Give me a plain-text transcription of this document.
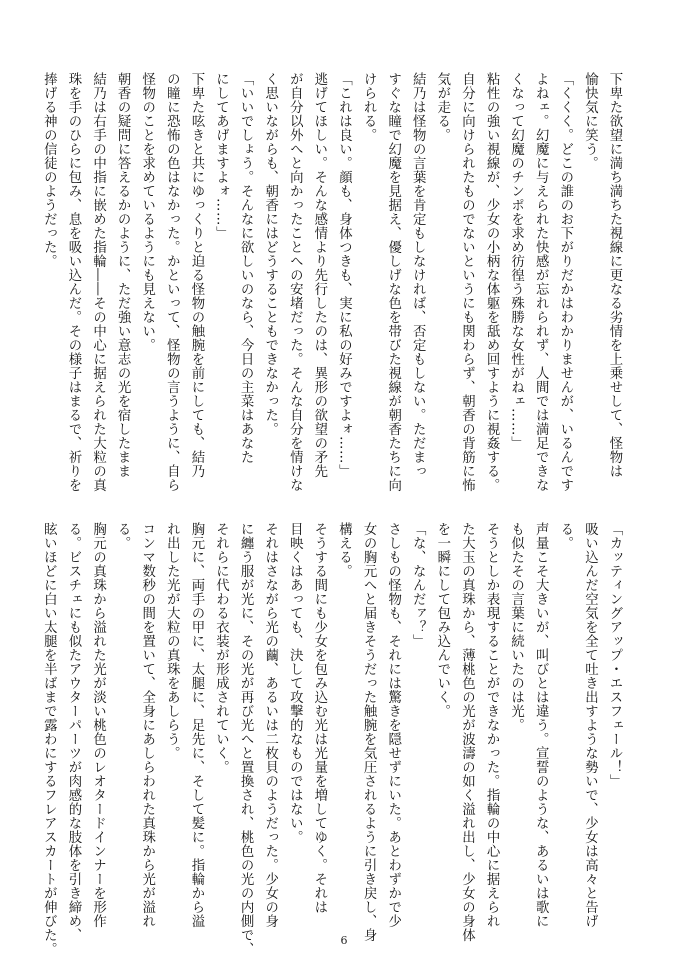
下卑た欲望に満ち満ちた視線に更なる劣情を上乗せして、怪物は
愉快気に笑う。
「くくく。どこの誰のお下がりだかはわかりませんが、いるんです
よねェ。幻魔に与えられた快感が忘れられず、人間では満足できな
くなって幻魔のチンポを求め彷徨う殊勝な女性がねェ……」
粘性の強い視線が、少女の小柄な体躯を舐め回すように視姦する。
自分に向けられたものでないというにも関わらず、朝香の背筋に怖
気が走る。
結乃は怪物の言葉を肯定もしなければ、否定もしない。ただまっ
すぐな瞳で幻魔を見据え、優しげな色を帯びた視線が朝香たちに向
けられる。
「これは良い。顔も、身体つきも、実に私の好みですよォ……」
逃げてほしい。そんな感情より先行したのは、異形の欲望の矛先
が自分以外へと向かったことへの安堵だった。そんな自分を情けな
く思いながらも、朝香にはどうすることもできなかった。
「いいでしょう。そんなに欲しいのなら、今日の主菜はあなた
にしてあげますよォ……」
下卑た呟きと共にゆっくりと迫る怪物の触腕を前にしても、結乃
の瞳に恐怖の色はなかった。かといって、怪物の言うように、自ら
怪物のことを求めているようにも見えない。
朝香の疑問に答えるかのように、ただ強い意志の光を宿したまま
結乃は右手の中指に嵌めた指輪――その中心に据えられた大粒の真
珠を手のひらに包み、息を吸い込んだ。その様子はまるで、祈りを
捧げる神の信徒のようだった。
「カッティングアップ・エスフェール！」
吸い込んだ空気を全て吐き出すような勢いで、少女は高々と告げ
る。
声量こそ大きいが、叫びとは違う。宣誓のような、あるいは歌に
も似たその言葉に続いたのは光。
そうとしか表現することができなかった。指輪の中心に据えられ
た大玉の真珠から、薄桃色の光が波濤の如く溢れ出し、少女の身体
を一瞬にして包み込んでいく。
「な、なんだァ？」
さしもの怪物も、それには驚きを隠せずにいた。あとわずかで少
女の胸元へと届きそうだった触腕を気圧されるように引き戻し、身
構える。
そうする間にも少女を包み込む光は光量を増してゆく。それは
目映くはあっても、決して攻撃的なものではない。
それはさながら光の繭、あるいは二枚貝のようだった。少女の身
に纏う服が光に、その光が再び光へと置換され、桃色の光の内側で、
それらに代わる衣装が形成されていく。
胸元に、両手の甲に、太腿に、足先に、そして髪に。指輪から溢
れ出した光が大粒の真珠をあしらう。
コンマ数秒の間を置いて、全身にあしらわれた真珠から光が溢れ
る。
胸元の真珠から溢れた光が淡い桃色のレオタードインナーを形作
る。ビスチェにも似たアウターパーツが肉感的な肢体を引き締め、
眩いほどに白い太腿を半ばまで露わにするフレアスカートが伸びた。	6
